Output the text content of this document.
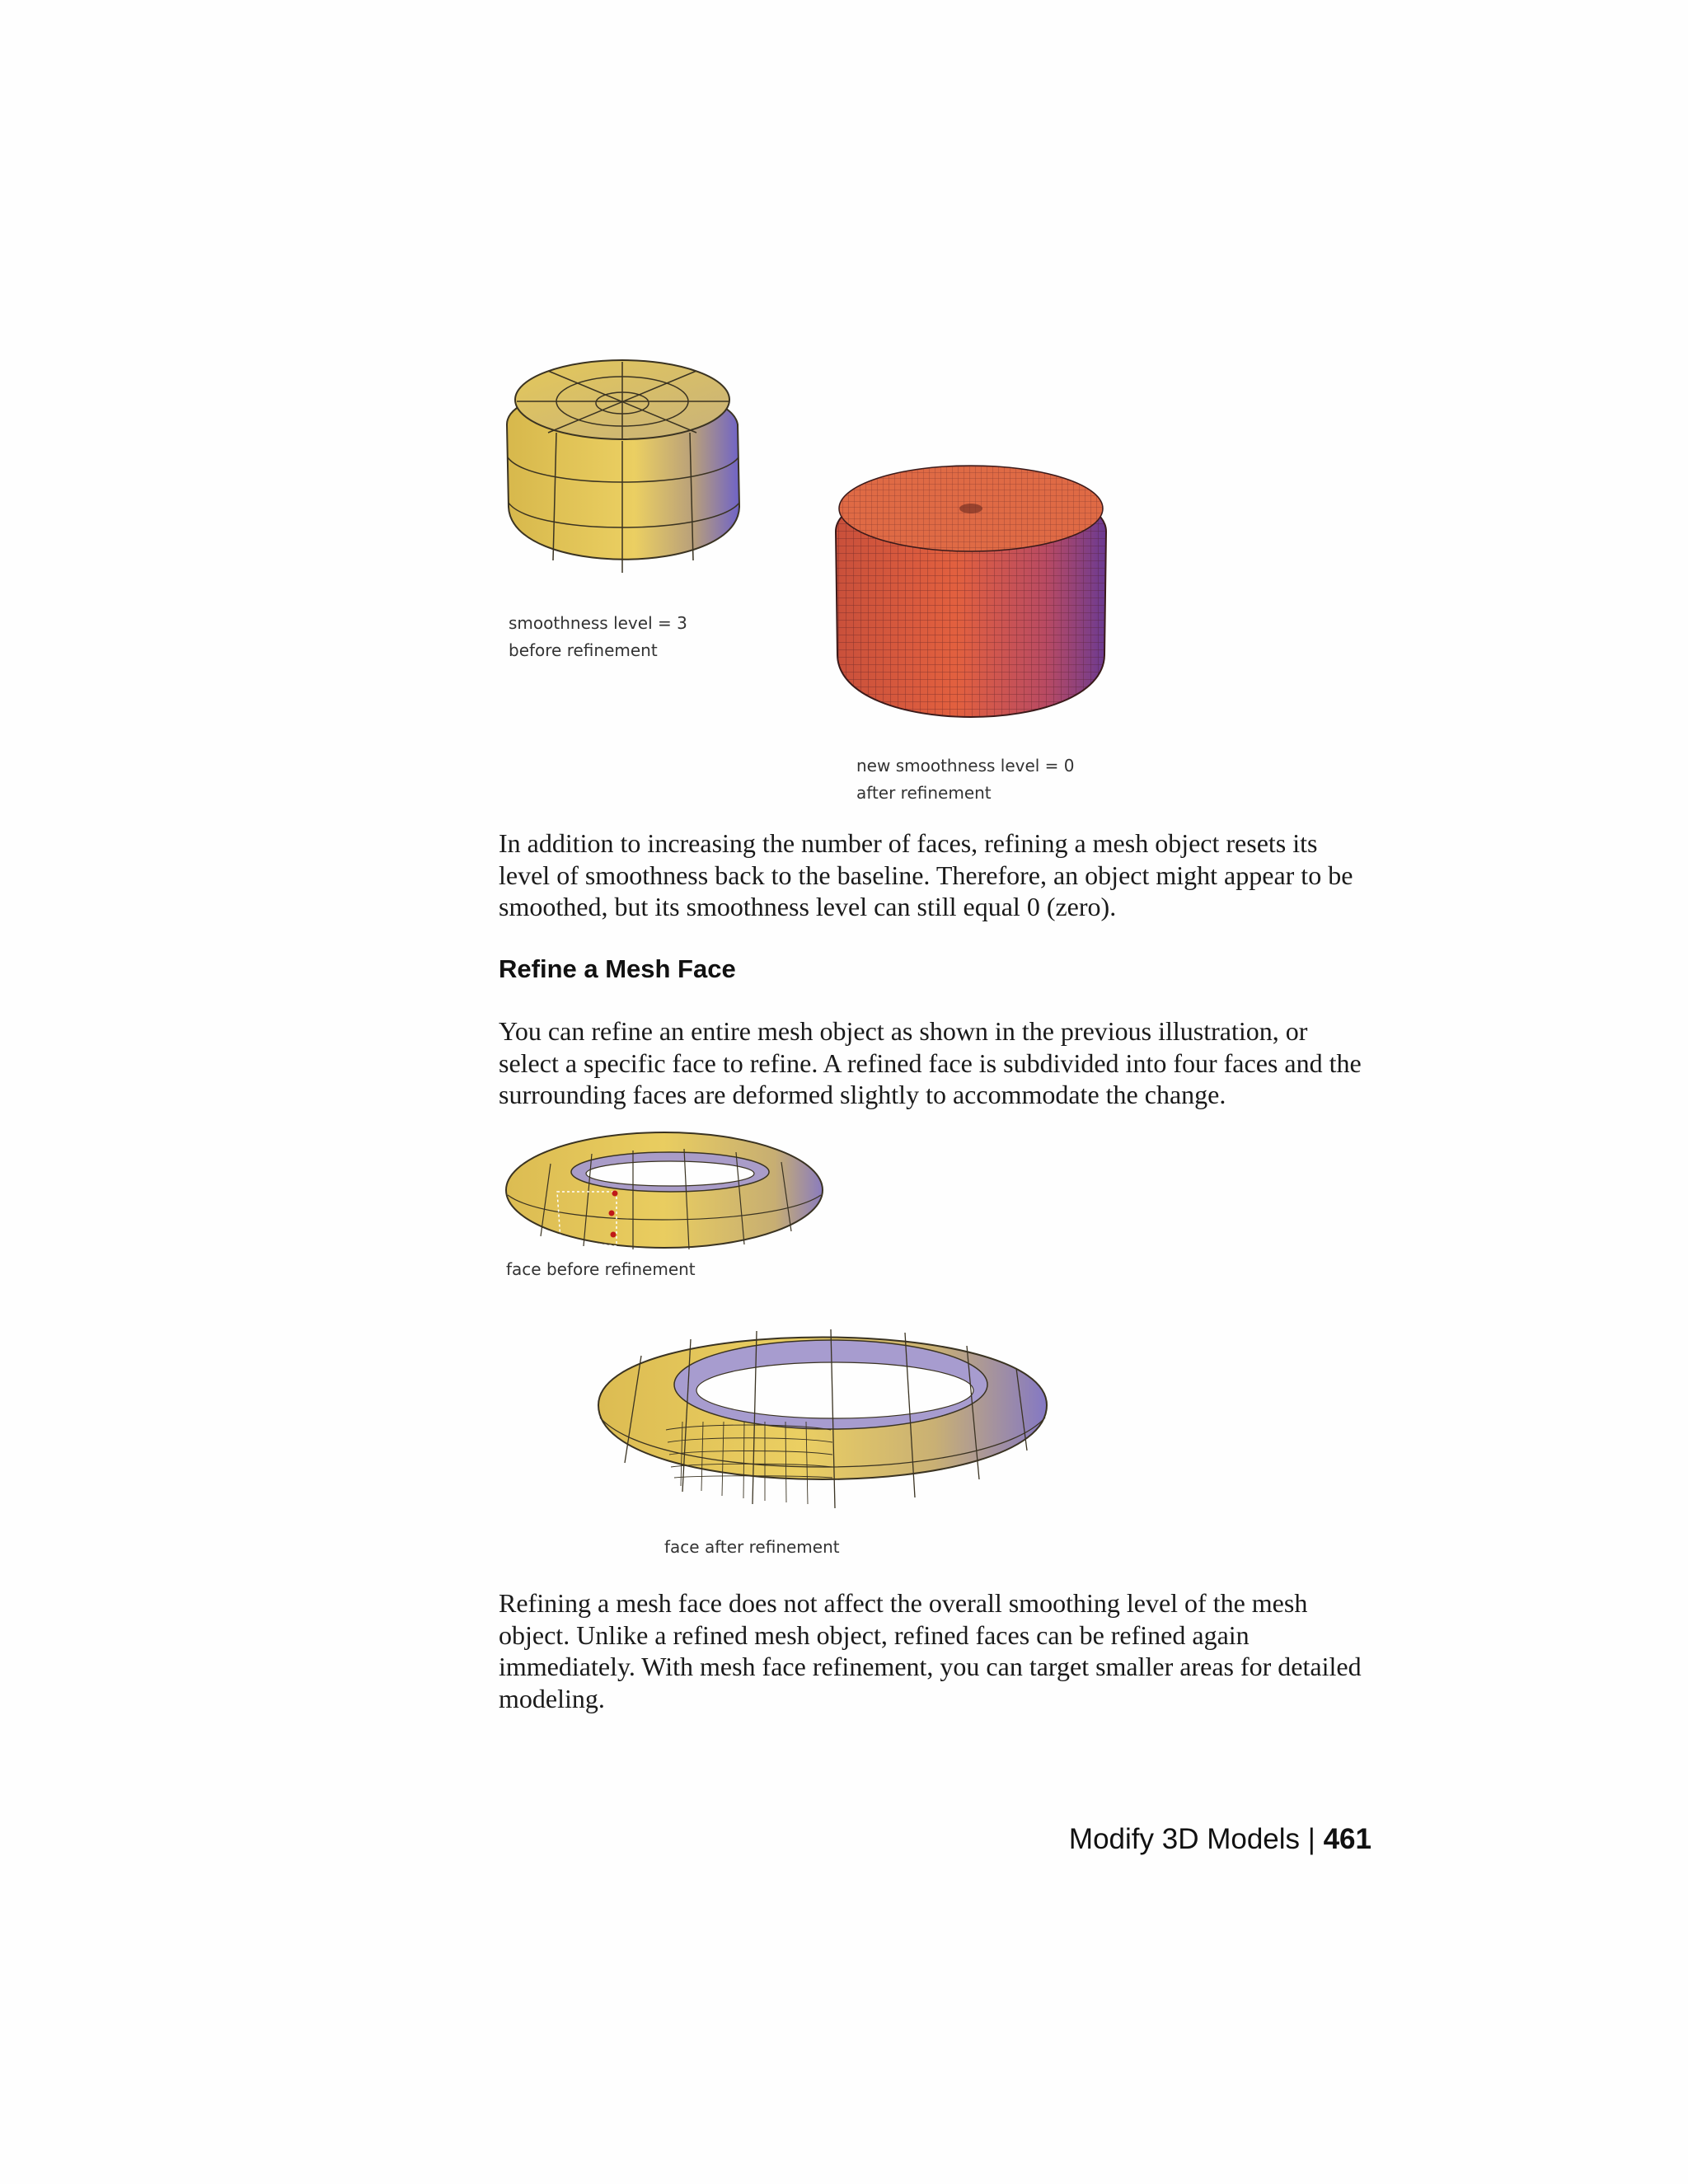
smoothness level = 3
before refinement
new smoothness level = 0
after refinement

In addition to increasing the number of faces, refining a mesh object resets its level of smoothness back to the baseline. Therefore, an object might appear to be smoothed, but its smoothness level can still equal 0 (zero).

Refine a Mesh Face

You can refine an entire mesh object as shown in the previous illustration, or select a specific face to refine. A refined face is subdivided into four faces and the surrounding faces are deformed slightly to accommodate the change.

face before refinement
face after refinement

Refining a mesh face does not affect the overall smoothing level of the mesh object. Unlike a refined mesh object, refined faces can be refined again immediately. With mesh face refinement, you can target smaller areas for detailed modeling.

Modify 3D Models | 461
